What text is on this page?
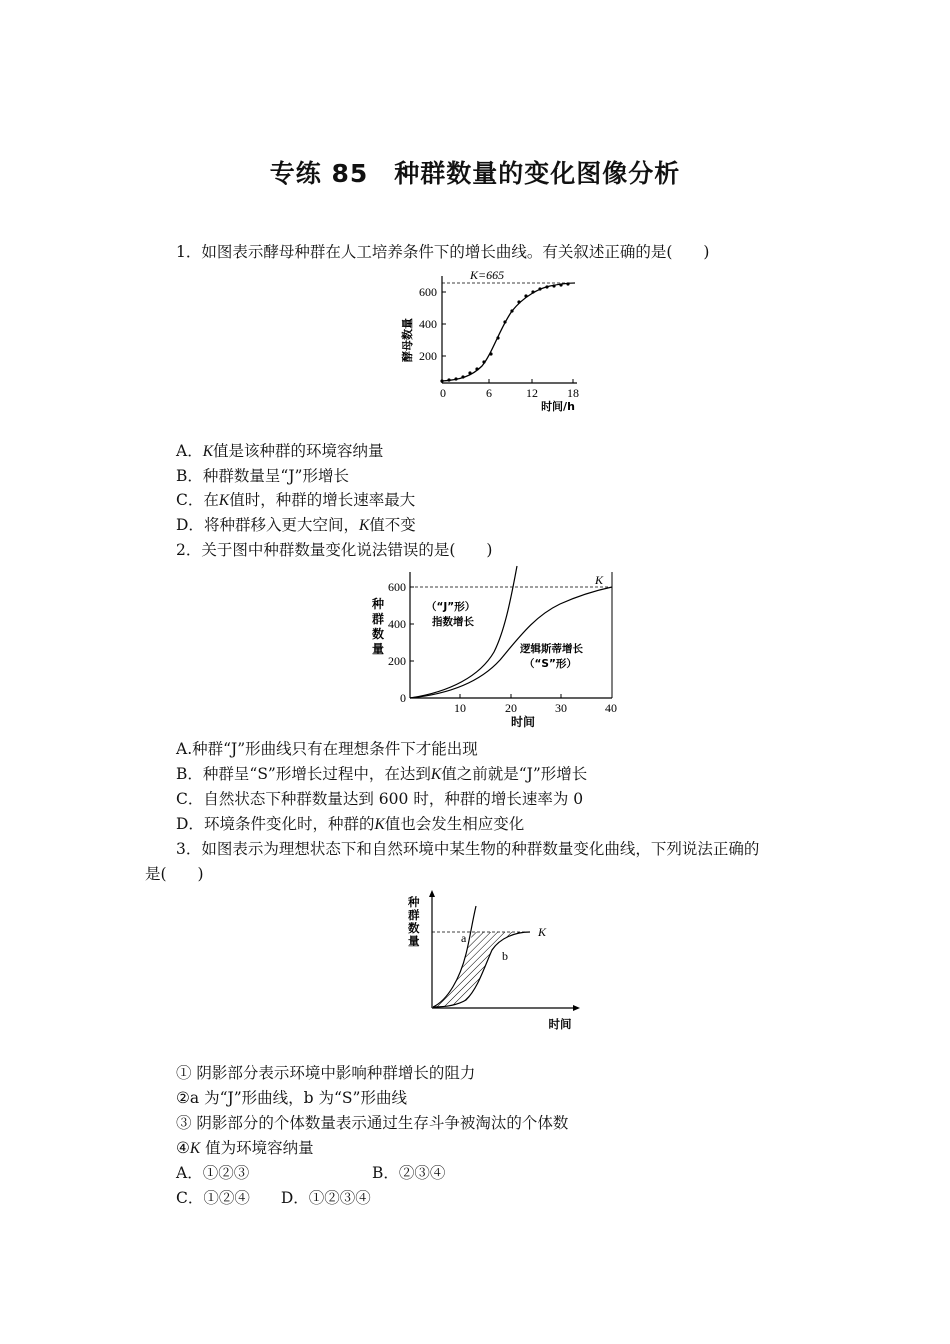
专练 85　种群数量的变化图像分析
1．如图表示酵母种群在人工培养条件下的增长曲线。有关叙述正确的是(　　)
200
400
600
0	6	12 18
K=665
酵母数量
时间/h
A．K值是该种群的环境容纳量
B．种群数量呈“J”形增长
C．在K值时，种群的增长速率最大
D．将种群移入更大空间，K值不变
2．关于图中种群数量变化说法错误的是(　　)
0
200
400
600
10	20	30	40
K
（“J”形）
指数增长
逻辑斯蒂增长
（“S”形）
种
群
数
量
时间
A.种群“J”形曲线只有在理想条件下才能出现
B．种群呈“S”形增长过程中，在达到K值之前就是“J”形增长
C．自然状态下种群数量达到 600 时，种群的增长速率为 0
D．环境条件变化时，种群的K值也会发生相应变化
3．如图表示为理想状态下和自然环境中某生物的种群数量变化曲线，下列说法正确的
是(　　)
K
a
b
种
群
数
量
时间
① 阴影部分表示环境中影响种群增长的阻力
②a 为“J”形曲线，b 为“S”形曲线
③ 阴影部分的个体数量表示通过生存斗争被淘汰的个体数
④K 值为环境容纳量
A．①②③	B．②③④
C．①②④　　D．①②③④
